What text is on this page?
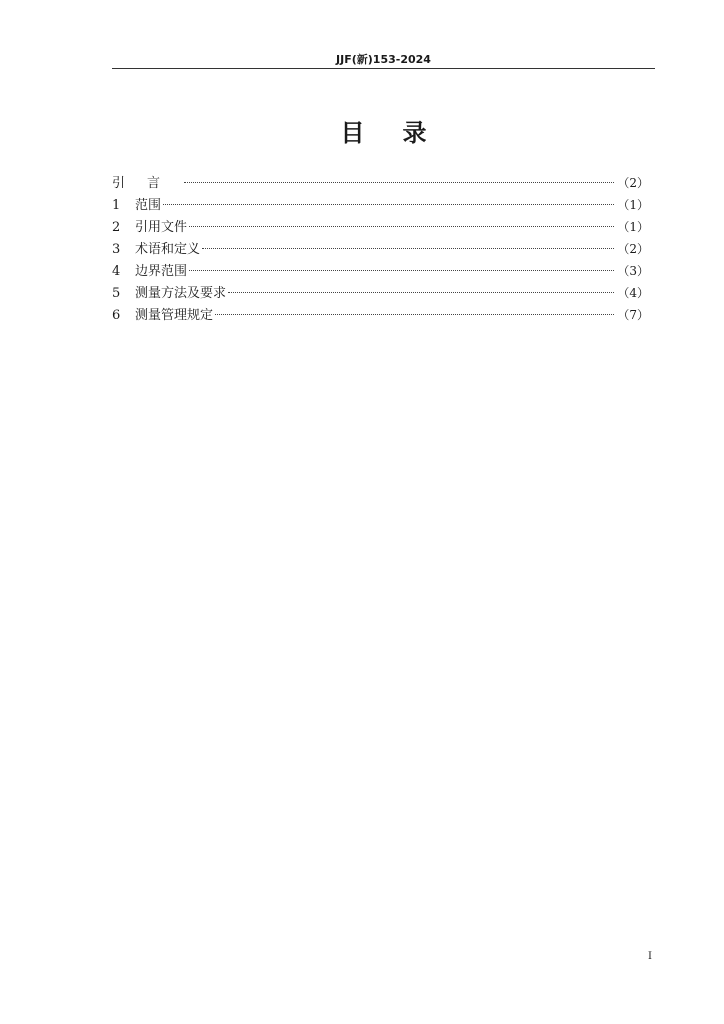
JJF(新)153-2024
目录
引言	（2）
1	范围	（1）
2	引用文件	（1）
3	术语和定义	（2）
4	边界范围	（3）
5	测量方法及要求	（4）
6	测量管理规定	（7）
I
